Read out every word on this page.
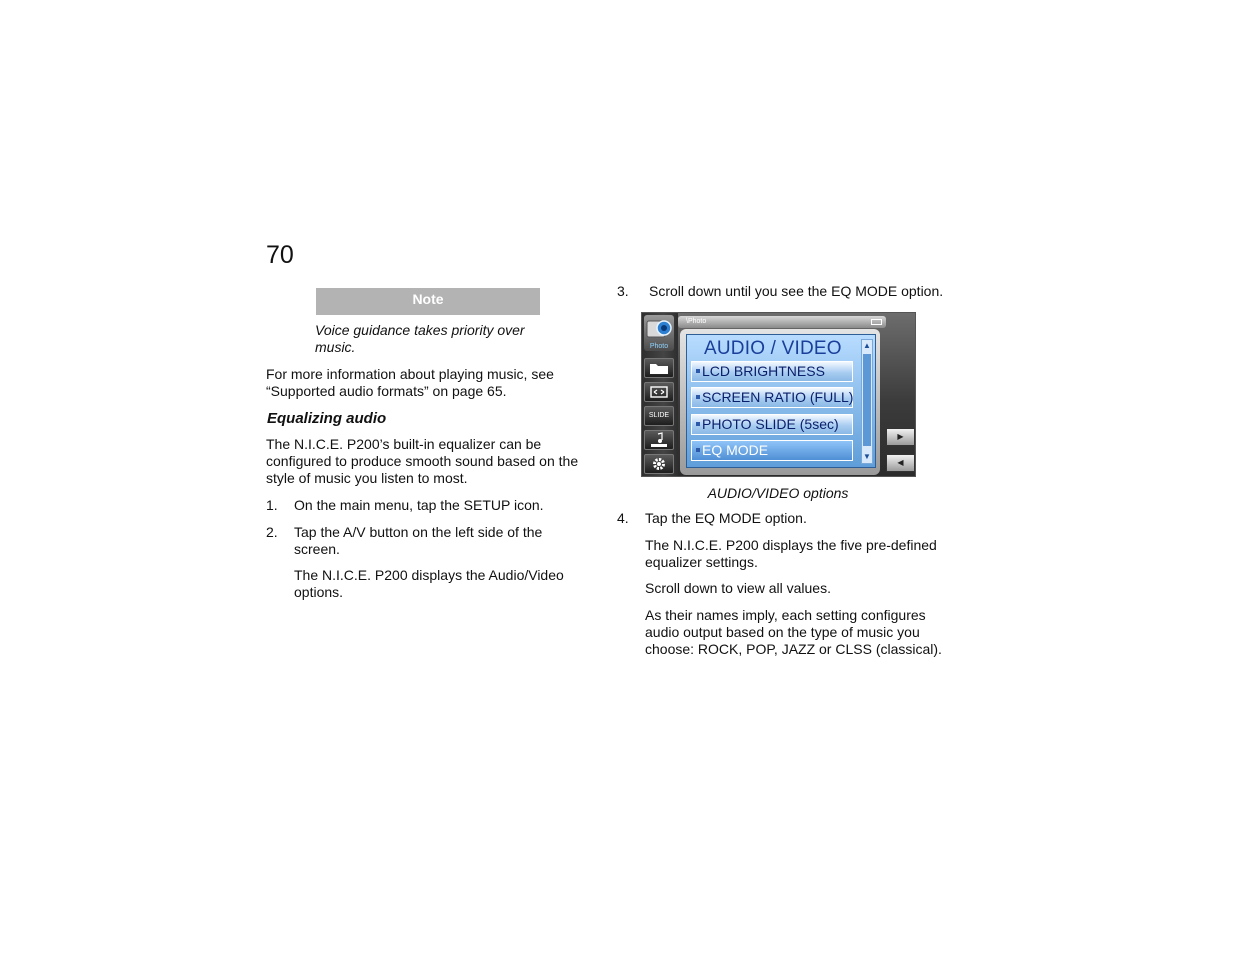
70
Note
Voice guidance takes priority over
music.
For more information about playing music, see
“Supported audio formats” on page 65.
Equalizing audio
The N.I.C.E. P200’s built-in equalizer can be
configured to produce smooth sound based on the
style of music you listen to most.
1.	On the main menu, tap the SETUP icon.
2.	Tap the A/V button on the left side of the
screen.
The N.I.C.E. P200 displays the Audio/Video
options.
3.	Scroll down until you see the EQ MODE option.
Photo
SLIDE
\Photo
AUDIO / VIDEO
LCD BRIGHTNESS
SCREEN RATIO (FULL)
PHOTO SLIDE (5sec)
EQ MODE
▲
▼
▶
◀
AUDIO/VIDEO options
4.	Tap the EQ MODE option.
The N.I.C.E. P200 displays the five pre-defined
equalizer settings.
Scroll down to view all values.
As their names imply, each setting configures
audio output based on the type of music you
choose: ROCK, POP, JAZZ or CLSS (classical).
